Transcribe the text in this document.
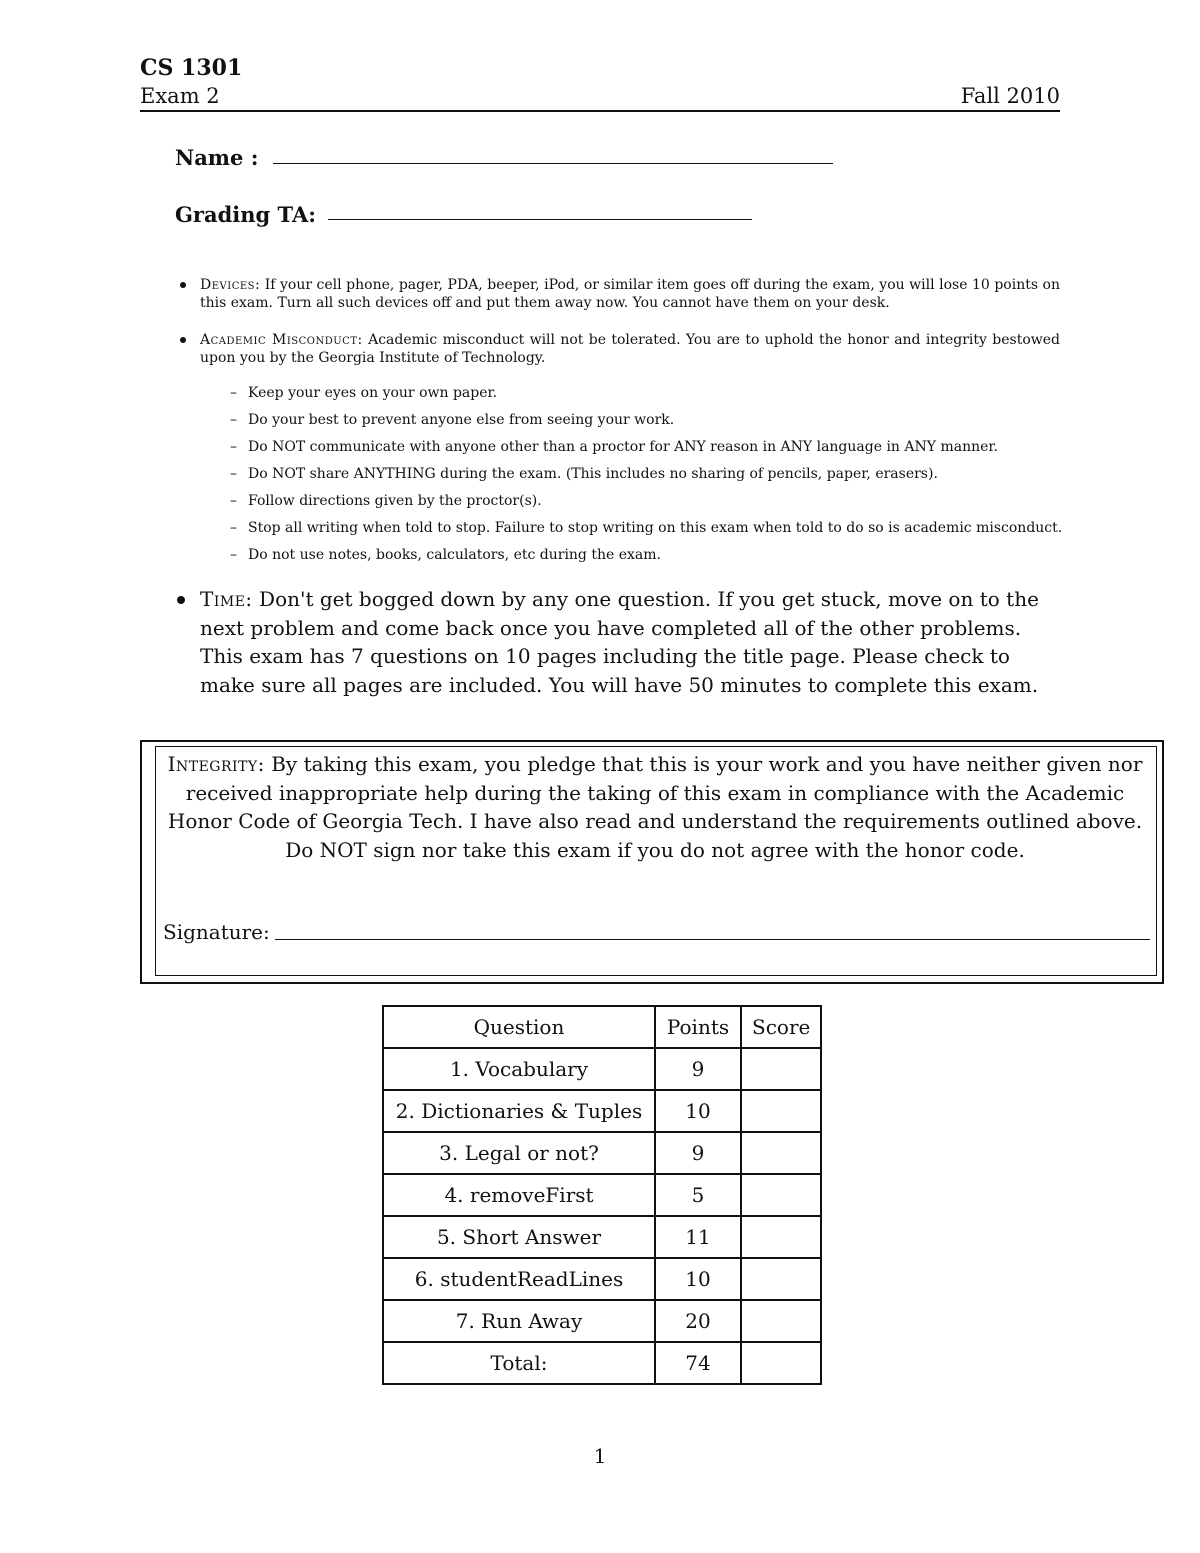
CS 1301
Exam 2	Fall 2010
Name :
Grading TA:
Devices: If your cell phone, pager, PDA, beeper, iPod, or similar item goes off during the exam, you will lose 10 points on this exam. Turn all such devices off and put them away now. You cannot have them on your desk.
Academic Misconduct: Academic misconduct will not be tolerated. You are to uphold the honor and integrity bestowed upon you by the Georgia Institute of Technology.
– Keep your eyes on your own paper.
– Do your best to prevent anyone else from seeing your work.
– Do NOT communicate with anyone other than a proctor for ANY reason in ANY language in ANY manner.
– Do NOT share ANYTHING during the exam. (This includes no sharing of pencils, paper, erasers).
– Follow directions given by the proctor(s).
– Stop all writing when told to stop. Failure to stop writing on this exam when told to do so is academic misconduct.
– Do not use notes, books, calculators, etc during the exam.
Time: Don't get bogged down by any one question. If you get stuck, move on to the next problem and come back once you have completed all of the other problems. This exam has 7 questions on 10 pages including the title page. Please check to make sure all pages are included. You will have 50 minutes to complete this exam.
Integrity: By taking this exam, you pledge that this is your work and you have neither given nor received inappropriate help during the taking of this exam in compliance with the Academic Honor Code of Georgia Tech. I have also read and understand the requirements outlined above. Do NOT sign nor take this exam if you do not agree with the honor code.
Signature:
Question	Points	Score
1. Vocabulary	9	
2. Dictionaries & Tuples	10	
3. Legal or not?	9	
4. removeFirst	5	
5. Short Answer	11	
6. studentReadLines	10	
7. Run Away	20	
Total:	74	
1
